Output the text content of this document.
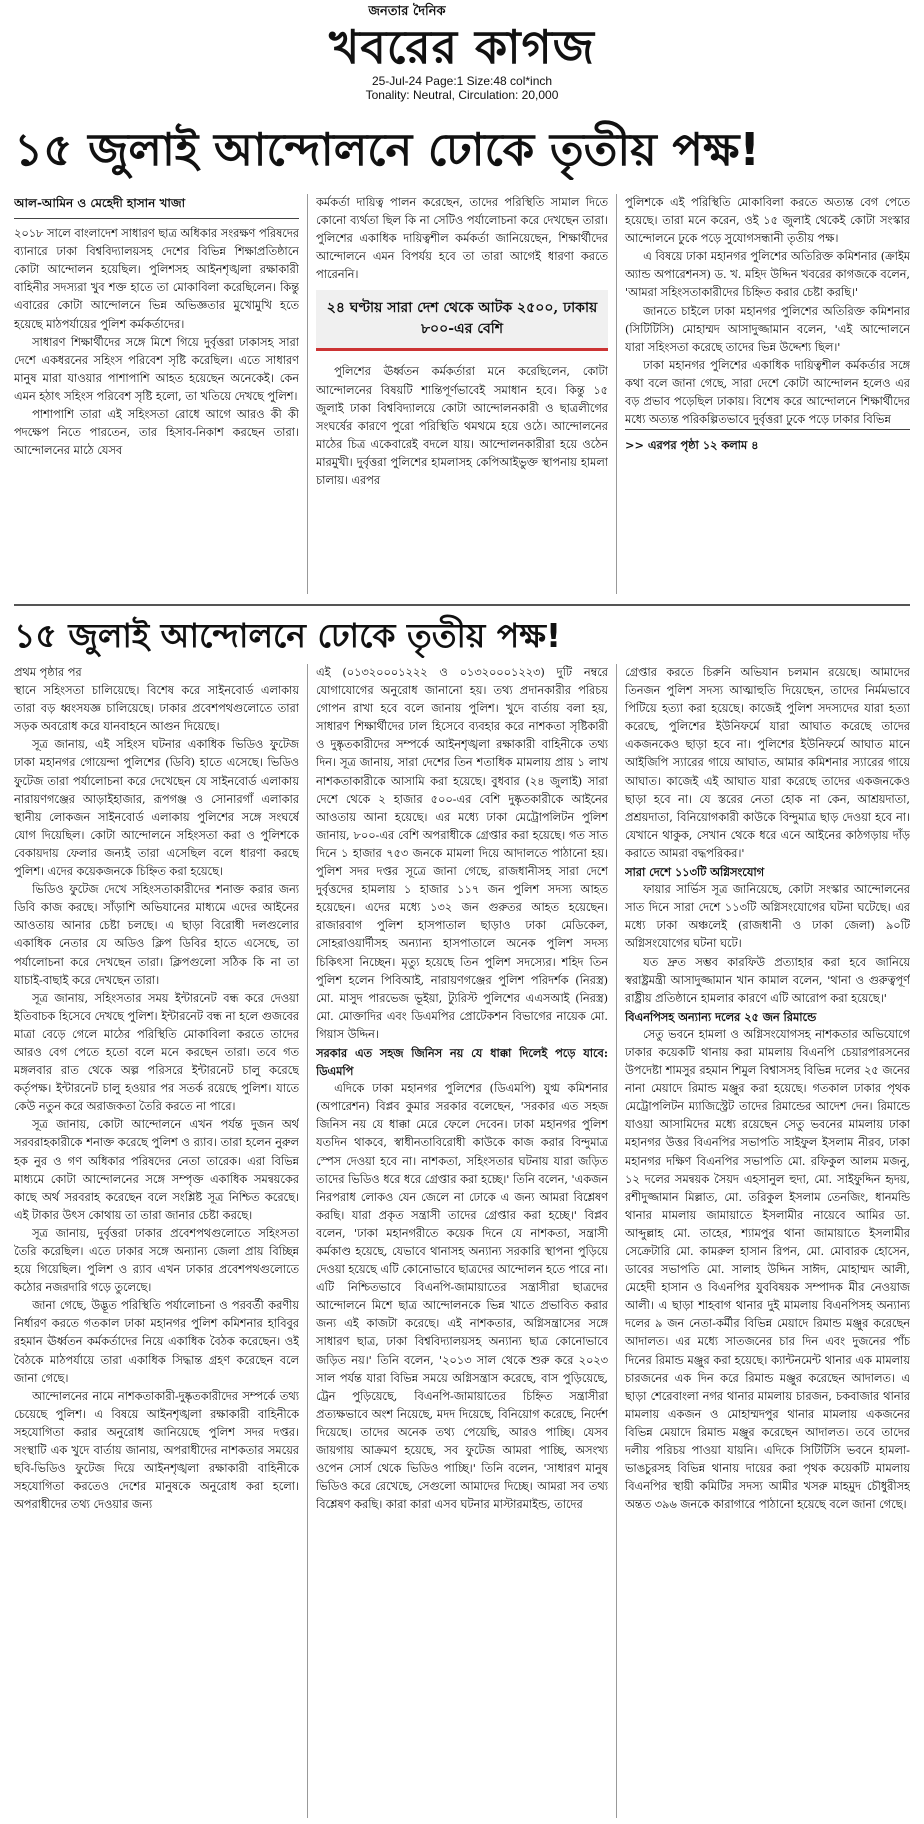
জনতার দৈনিক
খবরের কাগজ
25-Jul-24 Page:1 Size:48 col*inch
Tonality: Neutral, Circulation: 20,000
১৫ জুলাই আন্দোলনে ঢোকে তৃতীয় পক্ষ!
আল-আমিন ও মেহেদী হাসান খাজা

২০১৮ সালে বাংলাদেশ সাধারণ ছাত্র অধিকার সংরক্ষণ পরিষদের ব্যানারে ঢাকা বিশ্ববিদ্যালয়সহ দেশের বিভিন্ন শিক্ষাপ্রতিষ্ঠানে কোটা আন্দোলন হয়েছিল। পুলিশসহ আইনশৃঙ্খলা রক্ষাকারী বাহিনীর সদস্যরা খুব শক্ত হাতে তা মোকাবিলা করেছিলেন। কিন্তু এবারের কোটা আন্দোলনে ভিন্ন অভিজ্ঞতার মুখোমুখি হতে হয়েছে মাঠপর্যায়ের পুলিশ কর্মকর্তাদের।

সাধারণ শিক্ষার্থীদের সঙ্গে মিশে গিয়ে দুর্বৃত্তরা ঢাকাসহ সারা দেশে একধরনের সহিংস পরিবেশ সৃষ্টি করেছিল। এতে সাধারণ মানুষ মারা যাওয়ার পাশাপাশি আহত হয়েছেন অনেকেই। কেন এমন হঠাৎ সহিংস পরিবেশ সৃষ্টি হলো, তা খতিয়ে দেখছে পুলিশ।

পাশাপাশি তারা এই সহিংসতা রোধে আগে আরও কী কী পদক্ষেপ নিতে পারতেন, তার হিসাব-নিকাশ করছেন তারা। আন্দোলনের মাঠে যেসব

কর্মকর্তা দায়িত্ব পালন করেছেন, তাদের পরিস্থিতি সামাল দিতে কোনো ব্যর্থতা ছিল কি না সেটিও পর্যালোচনা করে দেখছেন তারা। পুলিশের একাধিক দায়িত্বশীল কর্মকর্তা জানিয়েছেন, শিক্ষার্থীদের আন্দোলনে এমন বিপর্যয় হবে তা তারা আগেই ধারণা করতে পারেননি।

২৪ ঘণ্টায় সারা দেশ থেকে আটক ২৫০০, ঢাকায় ৮০০-এর বেশি

পুলিশের ঊর্ধ্বতন কর্মকর্তারা মনে করেছিলেন, কোটা আন্দোলনের বিষয়টি শান্তিপূর্ণভাবেই সমাধান হবে। কিন্তু ১৫ জুলাই ঢাকা বিশ্ববিদ্যালয়ে কোটা আন্দোলনকারী ও ছাত্রলীগের সংঘর্ষের কারণে পুরো পরিস্থিতি থমথমে হয়ে ওঠে। আন্দোলনের মাঠের চিত্র একেবারেই বদলে যায়। আন্দোলনকারীরা হয়ে ওঠেন মারমুখী। দুর্বৃত্তরা পুলিশের হামলাসহ কেপিআইভুক্ত স্থাপনায় হামলা চালায়। এরপর

পুলিশকে এই পরিস্থিতি মোকাবিলা করতে অত্যন্ত বেগ পেতে হয়েছে। তারা মনে করেন, ওই ১৫ জুলাই থেকেই কোটা সংস্কার আন্দোলনে ঢুকে পড়ে সুযোগসন্ধানী তৃতীয় পক্ষ।

এ বিষয়ে ঢাকা মহানগর পুলিশের অতিরিক্ত কমিশনার (ক্রাইম অ্যান্ড অপারেশনস) ড. খ. মহিদ উদ্দিন খবরের কাগজকে বলেন, 'আমরা সহিংসতাকারীদের চিহ্নিত করার চেষ্টা করছি।'

জানতে চাইলে ঢাকা মহানগর পুলিশের অতিরিক্ত কমিশনার (সিটিটিসি) মোহাম্মদ আসাদুজ্জামান বলেন, 'এই আন্দোলনে যারা সহিংসতা করেছে তাদের ভিন্ন উদ্দেশ্য ছিল।'

ঢাকা মহানগর পুলিশের একাধিক দায়িত্বশীল কর্মকর্তার সঙ্গে কথা বলে জানা গেছে, সারা দেশে কোটা আন্দোলন হলেও এর বড় প্রভাব পড়েছিল ঢাকায়। বিশেষ করে আন্দোলনে শিক্ষার্থীদের মধ্যে অত্যন্ত পরিকল্পিতভাবে দুর্বৃত্তরা ঢুকে পড়ে ঢাকার বিভিন্ন

>> এরপর পৃষ্ঠা ১২ কলাম ৪

১৫ জুলাই আন্দোলনে ঢোকে তৃতীয় পক্ষ!

প্রথম পৃষ্ঠার পর

স্থানে সহিংসতা চালিয়েছে। বিশেষ করে সাইনবোর্ড এলাকায় তারা বড় ধ্বংসযজ্ঞ চালিয়েছে। ঢাকার প্রবেশপথগুলোতে তারা সড়ক অবরোধ করে যানবাহনে আগুন দিয়েছে।

সূত্র জানায়, এই সহিংস ঘটনার একাধিক ভিডিও ফুটেজ ঢাকা মহানগর গোয়েন্দা পুলিশের (ডিবি) হাতে এসেছে। ভিডিও ফুটেজ তারা পর্যালোচনা করে দেখেছেন যে সাইনবোর্ড এলাকায় নারায়ণগঞ্জের আড়াইহাজার, রূপগঞ্জ ও সোনারগাঁ এলাকার স্থানীয় লোকজন সাইনবোর্ড এলাকায় পুলিশের সঙ্গে সংঘর্ষে যোগ দিয়েছিল। কোটা আন্দোলনে সহিংসতা করা ও পুলিশকে বেকায়দায় ফেলার জন্যই তারা এসেছিল বলে ধারণা করছে পুলিশ। এদের কয়েকজনকে চিহ্নিত করা হয়েছে।

ভিডিও ফুটেজ দেখে সহিংসতাকারীদের শনাক্ত করার জন্য ডিবি কাজ করছে। সাঁড়াশি অভিযানের মাধ্যমে এদের আইনের আওতায় আনার চেষ্টা চলছে। এ ছাড়া বিরোধী দলগুলোর একাধিক নেতার যে অডিও ক্লিপ ডিবির হাতে এসেছে, তা পর্যালোচনা করে দেখছেন তারা। ক্লিপগুলো সঠিক কি না তা যাচাই-বাছাই করে দেখছেন তারা।

সূত্র জানায়, সহিংসতার সময় ইন্টারনেট বন্ধ করে দেওয়া ইতিবাচক হিসেবে দেখছে পুলিশ। ইন্টারনেট বন্ধ না হলে গুজবের মাত্রা বেড়ে গেলে মাঠের পরিস্থিতি মোকাবিলা করতে তাদের আরও বেগ পেতে হতো বলে মনে করছেন তারা। তবে গত মঙ্গলবার রাত থেকে অল্প পরিসরে ইন্টারনেট চালু করেছে কর্তৃপক্ষ। ইন্টারনেট চালু হওয়ার পর সতর্ক রয়েছে পুলিশ। যাতে কেউ নতুন করে অরাজকতা তৈরি করতে না পারে।

সূত্র জানায়, কোটা আন্দোলনে এখন পর্যন্ত দুজন অর্থ সরবরাহকারীকে শনাক্ত করেছে পুলিশ ও র‍্যাব। তারা হলেন নুরুল হক নুর ও গণ অধিকার পরিষদের নেতা তারেক। এরা বিভিন্ন মাধ্যমে কোটা আন্দোলনের সঙ্গে সম্পৃক্ত একাধিক সমন্বয়কের কাছে অর্থ সরবরাহ করেছেন বলে সংশ্লিষ্ট সূত্র নিশ্চিত করেছে। এই টাকার উৎস কোথায় তা তারা জানার চেষ্টা করছে।

সূত্র জানায়, দুর্বৃত্তরা ঢাকার প্রবেশপথগুলোতে সহিংসতা তৈরি করেছিল। এতে ঢাকার সঙ্গে অন্যান্য জেলা প্রায় বিচ্ছিন্ন হয়ে গিয়েছিল। পুলিশ ও র‍্যাব এখন ঢাকার প্রবেশপথগুলোতে কঠোর নজরদারি গড়ে তুলেছে।

জানা গেছে, উদ্ভূত পরিস্থিতি পর্যালোচনা ও পরবর্তী করণীয় নির্ধারণ করতে গতকাল ঢাকা মহানগর পুলিশ কমিশনার হাবিবুর রহমান ঊর্ধ্বতন কর্মকর্তাদের নিয়ে একাধিক বৈঠক করেছেন। ওই বৈঠকে মাঠপর্যায়ে তারা একাধিক সিদ্ধান্ত গ্রহণ করেছেন বলে জানা গেছে।

আন্দোলনের নামে নাশকতাকারী-দুষ্কৃতকারীদের সম্পর্কে তথ্য চেয়েছে পুলিশ। এ বিষয়ে আইনশৃঙ্খলা রক্ষাকারী বাহিনীকে সহযোগিতা করার অনুরোধ জানিয়েছে পুলিশ সদর দপ্তর। সংস্থাটি এক খুদে বার্তায় জানায়, অপরাধীদের নাশকতার সময়ের ছবি-ভিডিও ফুটেজ দিয়ে আইনশৃঙ্খলা রক্ষাকারী বাহিনীকে সহযোগিতা করতেও দেশের মানুষকে অনুরোধ করা হলো। অপরাধীদের তথ্য দেওয়ার জন্য

এই (০১৩২০০০১২২২ ও ০১৩২০০০১২২৩) দুটি নম্বরে যোগাযোগের অনুরোধ জানানো হয়। তথ্য প্রদানকারীর পরিচয় গোপন রাখা হবে বলে জানায় পুলিশ। খুদে বার্তায় বলা হয়, সাধারণ শিক্ষার্থীদের ঢাল হিসেবে ব্যবহার করে নাশকতা সৃষ্টিকারী ও দুষ্কৃতকারীদের সম্পর্কে আইনশৃঙ্খলা রক্ষাকারী বাহিনীকে তথ্য দিন। সূত্র জানায়, সারা দেশের তিন শতাধিক মামলায় প্রায় ১ লাখ নাশকতাকারীকে আসামি করা হয়েছে। বুধবার (২৪ জুলাই) সারা দেশে থেকে ২ হাজার ৫০০-এর বেশি দুষ্কৃতকারীকে আইনের আওতায় আনা হয়েছে। এর মধ্যে ঢাকা মেট্রোপলিটন পুলিশ জানায়, ৮০০-এর বেশি অপরাধীকে গ্রেপ্তার করা হয়েছে। গত সাত দিনে ১ হাজার ৭৫৩ জনকে মামলা দিয়ে আদালতে পাঠানো হয়। পুলিশ সদর দপ্তর সূত্রে জানা গেছে, রাজধানীসহ সারা দেশে দুর্বৃত্তদের হামলায় ১ হাজার ১১৭ জন পুলিশ সদস্য আহত হয়েছেন। এদের মধ্যে ১৩২ জন গুরুতর আহত হয়েছেন। রাজারবাগ পুলিশ হাসপাতাল ছাড়াও ঢাকা মেডিকেল, সোহরাওয়ার্দীসহ অন্যান্য হাসপাতালে অনেক পুলিশ সদস্য চিকিৎসা নিচ্ছেন। মৃত্যু হয়েছে তিন পুলিশ সদস্যের। শহিদ তিন পুলিশ হলেন পিবিআই, নারায়ণগঞ্জের পুলিশ পরিদর্শক (নিরস্ত্র) মো. মাসুদ পারভেজ ভূইয়া, ট্যুরিস্ট পুলিশের এএসআই (নিরস্ত্র) মো. মোক্তাদির এবং ডিএমপির প্রোটেকশন বিভাগের নায়েক মো. গিয়াস উদ্দিন।

সরকার এত সহজ জিনিস নয় যে ধাক্কা দিলেই পড়ে যাবে: ডিএমপি

এদিকে ঢাকা মহানগর পুলিশের (ডিএমপি) যুগ্ম কমিশনার (অপারেশন) বিপ্লব কুমার সরকার বলেছেন, 'সরকার এত সহজ জিনিস নয় যে ধাক্কা মেরে ফেলে দেবেন। ঢাকা মহানগর পুলিশ যতদিন থাকবে, স্বাধীনতাবিরোধী কাউকে কাজ করার বিন্দুমাত্র স্পেস দেওয়া হবে না। নাশকতা, সহিংসতার ঘটনায় যারা জড়িত তাদের ভিডিও ধরে ধরে গ্রেপ্তার করা হচ্ছে।' তিনি বলেন, 'একজন নিরপরাধ লোকও যেন জেলে না ঢোকে এ জন্য আমরা বিশ্লেষণ করছি। যারা প্রকৃত সন্ত্রাসী তাদের গ্রেপ্তার করা হচ্ছে।' বিপ্লব বলেন, 'ঢাকা মহানগরীতে কয়েক দিনে যে নাশকতা, সন্ত্রাসী কর্মকাণ্ড হয়েছে, যেভাবে থানাসহ অন্যান্য সরকারি স্থাপনা পুড়িয়ে দেওয়া হয়েছে এটি কোনোভাবে ছাত্রদের আন্দোলন হতে পারে না। এটি নিশ্চিতভাবে বিএনপি-জামায়াতের সন্ত্রাসীরা ছাত্রদের আন্দোলনে মিশে ছাত্র আন্দোলনকে ভিন্ন খাতে প্রভাবিত করার জন্য এই কাজটা করেছে। এই নাশকতার, অগ্নিসন্ত্রাসের সঙ্গে সাধারণ ছাত্র, ঢাকা বিশ্ববিদ্যালয়সহ অন্যান্য ছাত্র কোনোভাবে জড়িত নয়।' তিনি বলেন, '২০১৩ সাল থেকে শুরু করে ২০২৩ সাল পর্যন্ত যারা বিভিন্ন সময়ে অগ্নিসন্ত্রাস করেছে, বাস পুড়িয়েছে, ট্রেন পুড়িয়েছে, বিএনপি-জামায়াতের চিহ্নিত সন্ত্রাসীরা প্রত্যক্ষভাবে অংশ নিয়েছে, মদদ দিয়েছে, বিনিয়োগ করেছে, নির্দেশ দিয়েছে। তাদের অনেক তথ্য পেয়েছি, আরও পাচ্ছি। যেসব জায়গায় আক্রমণ হয়েছে, সব ফুটেজ আমরা পাচ্ছি, অসংখ্য ওপেন সোর্স থেকে ভিডিও পাচ্ছি।' তিনি বলেন, 'সাধারণ মানুষ ভিডিও করে রেখেছে, সেগুলো আমাদের দিচ্ছে। আমরা সব তথ্য বিশ্লেষণ করছি। কারা কারা এসব ঘটনার মাস্টারমাইন্ড, তাদের

গ্রেপ্তার করতে চিরুনি অভিযান চলমান রয়েছে। আমাদের তিনজন পুলিশ সদস্য আত্মাহুতি দিয়েছেন, তাদের নির্মমভাবে পিটিয়ে হত্যা করা হয়েছে। কাজেই পুলিশ সদস্যদের যারা হত্যা করেছে, পুলিশের ইউনিফর্মে যারা আঘাত করেছে তাদের একজনকেও ছাড়া হবে না। পুলিশের ইউনিফর্মে আঘাত মানে আইজিপি স্যারের গায়ে আঘাত, আমার কমিশনার স্যারের গায়ে আঘাত। কাজেই এই আঘাত যারা করেছে তাদের একজনকেও ছাড়া হবে না। যে স্তরের নেতা হোক না কেন, আশ্রয়দাতা, প্রশ্রয়দাতা, বিনিয়োগকারী কাউকে বিন্দুমাত্র ছাড় দেওয়া হবে না। যেখানে থাকুক, সেখান থেকে ধরে এনে আইনের কাঠগড়ায় দাঁড় করাতে আমরা বদ্ধপরিকর।'

সারা দেশে ১১৩টি অগ্নিসংযোগ

ফায়ার সার্ভিস সূত্র জানিয়েছে, কোটা সংস্কার আন্দোলনের সাত দিনে সারা দেশে ১১৩টি অগ্নিসংযোগের ঘটনা ঘটেছে। এর মধ্যে ঢাকা অঞ্চলেই (রাজধানী ও ঢাকা জেলা) ৯০টি অগ্নিসংযোগের ঘটনা ঘটে।

যত দ্রুত সম্ভব কারফিউ প্রত্যাহার করা হবে জানিয়ে স্বরাষ্ট্রমন্ত্রী আসাদুজ্জামান খান কামাল বলেন, 'থানা ও গুরুত্বপূর্ণ রাষ্ট্রীয় প্রতিষ্ঠানে হামলার কারণে এটি আরোপ করা হয়েছে।'

বিএনপিসহ অন্যান্য দলের ২৫ জন রিমান্ডে

সেতু ভবনে হামলা ও অগ্নিসংযোগসহ নাশকতার অভিযোগে ঢাকার কয়েকটি থানায় করা মামলায় বিএনপি চেয়ারপারসনের উপদেষ্টা শামসুর রহমান শিমুল বিশ্বাসসহ বিভিন্ন দলের ২৫ জনের নানা মেয়াদে রিমান্ড মঞ্জুর করা হয়েছে। গতকাল ঢাকার পৃথক মেট্রোপলিটন ম্যাজিস্ট্রেট তাদের রিমান্ডের আদেশ দেন। রিমান্ডে যাওয়া আসামিদের মধ্যে রয়েছেন সেতু ভবনের মামলায় ঢাকা মহানগর উত্তর বিএনপির সভাপতি সাইফুল ইসলাম নীরব, ঢাকা মহানগর দক্ষিণ বিএনপির সভাপতি মো. রফিকুল আলম মজনু, ১২ দলের সমন্বয়ক সৈয়দ এহসানুল হুদা, মো. সাইফুদ্দিন হৃদয়, রশীদুজ্জামান মিল্লাত, মো. তরিকুল ইসলাম তেনজিং, ধানমন্ডি থানার মামলায় জামায়াতে ইসলামীর নায়েবে আমির ডা. আব্দুল্লাহ মো. তাহের, শ্যামপুর থানা জামায়াতে ইসলামীর সেক্রেটারি মো. কামরুল হাসান রিপন, মো. মোবারক হোসেন, ডাবের সভাপতি মো. সালাহ উদ্দিন সাঈদ, মোহাম্মদ আলী, মেহেদী হাসান ও বিএনপির যুববিষয়ক সম্পাদক মীর নেওয়াজ আলী। এ ছাড়া শাহবাগ থানার দুই মামলায় বিএনপিসহ অন্যান্য দলের ৯ জন নেতা-কর্মীর বিভিন্ন মেয়াদে রিমান্ড মঞ্জুর করেছেন আদালত। এর মধ্যে সাতজনের চার দিন এবং দুজনের পাঁচ দিনের রিমান্ড মঞ্জুর করা হয়েছে। ক্যান্টনমেন্ট থানার এক মামলায় চারজনের এক দিন করে রিমান্ড মঞ্জুর করেছেন আদালত। এ ছাড়া শেরেবাংলা নগর থানার মামলায় চারজন, চকবাজার থানার মামলায় একজন ও মোহাম্মদপুর থানার মামলায় একজনের বিভিন্ন মেয়াদে রিমান্ড মঞ্জুর করেছেন আদালত। তবে তাদের দলীয় পরিচয় পাওয়া যায়নি। এদিকে সিটিটিসি ভবনে হামলা-ভাঙচুরসহ বিভিন্ন থানায় দায়ের করা পৃথক কয়েকটি মামলায় বিএনপির স্থায়ী কমিটির সদস্য আমীর খসরু মাহমুদ চৌধুরীসহ অন্তত ৩৯৬ জনকে কারাগারে পাঠানো হয়েছে বলে জানা গেছে।
